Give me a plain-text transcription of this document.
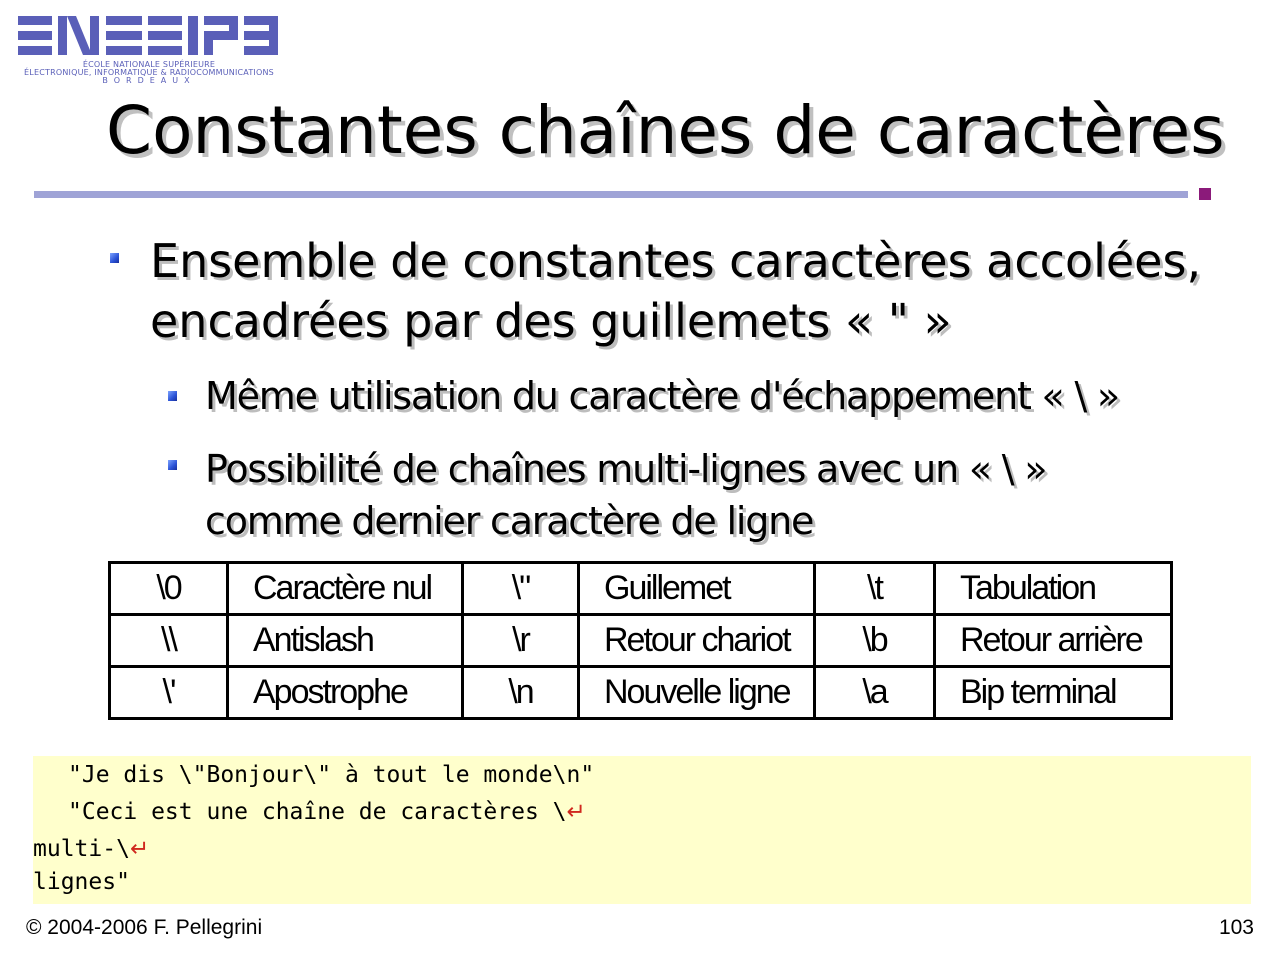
ÉCOLE NATIONALE SUPÉRIEURE
ÉLECTRONIQUE, INFORMATIQUE & RADIOCOMMUNICATIONS
BORDEAUX
Constantes chaînes de caractères
Ensemble de constantes caractères accolées,
encadrées par des guillemets « " »
Même utilisation du caractère d'échappement « \ »
Possibilité de chaînes multi-lignes avec un « \ »
comme dernier caractère de ligne
\0	Caractère nul	\"	Guillemet	\t	Tabulation
\\	Antislash	\r	Retour chariot	\b	Retour arrière
\'	Apostrophe	\n	Nouvelle ligne	\a	Bip terminal
"Je dis \"Bonjour\" à tout le monde\n"
"Ceci est une chaîne de caractères \↵
multi-\↵
lignes"
© 2004-2006 F. Pellegrini	103
